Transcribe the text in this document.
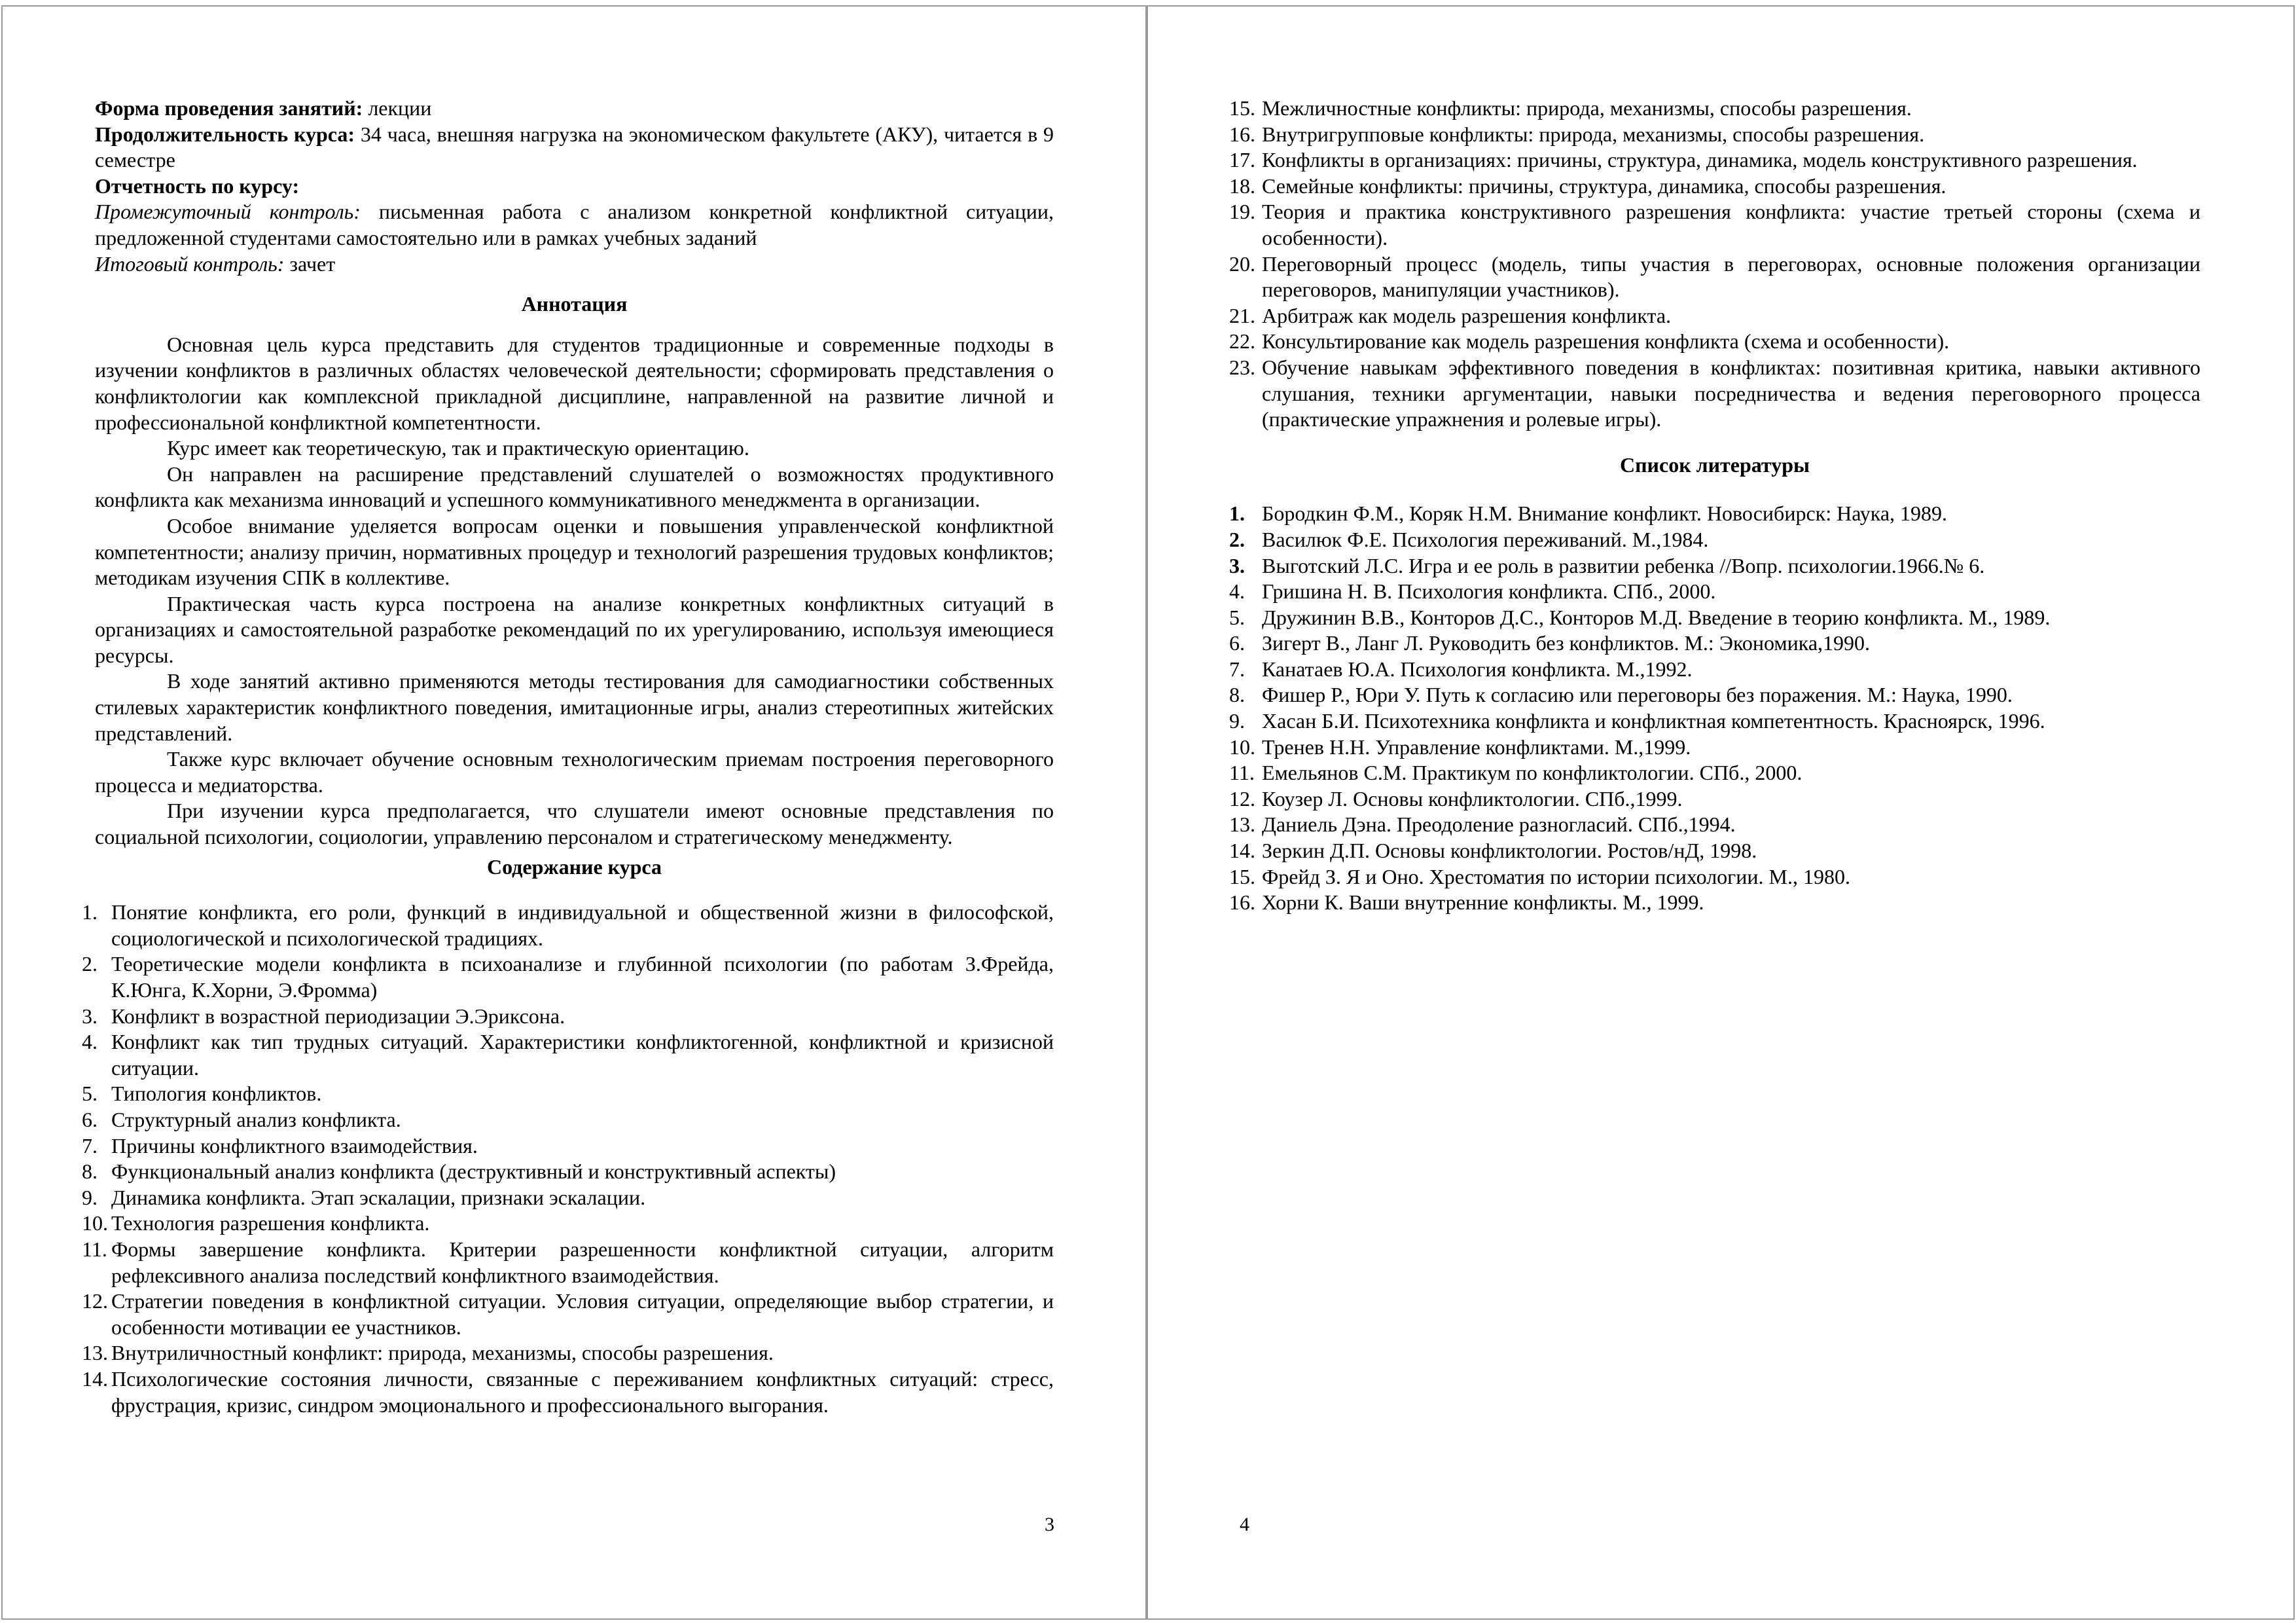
Форма проведения занятий: лекции

Продолжительность курса: 34 часа, внешняя нагрузка на экономическом факультете (АКУ), читается в 9 семестре

Отчетность по курсу:

Промежуточный контроль: письменная работа с анализом конкретной конфликтной ситуации, предложенной студентами самостоятельно или в рамках учебных заданий

Итоговый контроль: зачет

Аннотация

Основная цель курса представить для студентов традиционные и современные подходы в изучении конфликтов в различных областях человеческой деятельности; сформировать представления о конфликтологии как комплексной прикладной дисциплине, направленной на развитие личной и профессиональной конфликтной компетентности.

Курс имеет как теоретическую, так и практическую ориентацию.

Он направлен на расширение представлений слушателей о возможностях продуктивного конфликта как механизма инноваций и успешного коммуникативного менеджмента в организации.

Особое внимание уделяется вопросам оценки и повышения управленческой конфликтной компетентности; анализу причин, нормативных процедур и технологий разрешения трудовых конфликтов; методикам изучения СПК в коллективе.

Практическая часть курса построена на анализе конкретных конфликтных ситуаций в организациях и самостоятельной разработке рекомендаций по их урегулированию, используя имеющиеся ресурсы.

В ходе занятий активно применяются методы тестирования для самодиагностики собственных стилевых характеристик конфликтного поведения, имитационные игры, анализ стереотипных житейских представлений.

Также курс включает обучение основным технологическим приемам построения переговорного процесса и медиаторства.

При изучении курса предполагается, что слушатели имеют основные представления по социальной психологии, социологии, управлению персоналом и стратегическому менеджменту.

Содержание курса
1. Понятие конфликта, его роли, функций в индивидуальной и общественной жизни в философской, социологической и психологической традициях.
2. Теоретические модели конфликта в психоанализе и глубинной психологии (по работам З.Фрейда, К.Юнга, К.Хорни, Э.Фромма)
3. Конфликт в возрастной периодизации Э.Эриксона.
4. Конфликт как тип трудных ситуаций. Характеристики конфликтогенной, конфликтной и кризисной ситуации.
5. Типология конфликтов.
6. Структурный анализ конфликта.
7. Причины конфликтного взаимодействия.
8. Функциональный анализ конфликта (деструктивный и конструктивный аспекты)
9. Динамика конфликта. Этап эскалации, признаки эскалации.
10. Технология разрешения конфликта.
11. Формы завершение конфликта. Критерии разрешенности конфликтной ситуации, алгоритм рефлексивного анализа последствий конфликтного взаимодействия.
12. Стратегии поведения в конфликтной ситуации. Условия ситуации, определяющие выбор стратегии, и особенности мотивации ее участников.
13. Внутриличностный конфликт: природа, механизмы, способы разрешения.
14. Психологические состояния личности, связанные с переживанием конфликтных ситуаций: стресс, фрустрация, кризис, синдром эмоционального и профессионального выгорания.
3
15. Межличностные конфликты: природа, механизмы, способы разрешения.
16. Внутригрупповые конфликты: природа, механизмы, способы разрешения.
17. Конфликты в организациях: причины, структура, динамика, модель конструктивного разрешения.
18. Семейные конфликты: причины, структура, динамика, способы разрешения.
19. Теория и практика конструктивного разрешения конфликта: участие третьей стороны (схема и особенности).
20. Переговорный процесс (модель, типы участия в переговорах, основные положения организации переговоров, манипуляции участников).
21. Арбитраж как модель разрешения конфликта.
22. Консультирование как модель разрешения конфликта (схема и особенности).
23. Обучение навыкам эффективного поведения в конфликтах: позитивная критика, навыки активного слушания, техники аргументации, навыки посредничества и ведения переговорного процесса (практические упражнения и ролевые игры).
Список литературы
1. Бородкин Ф.М., Коряк Н.М. Внимание конфликт. Новосибирск: Наука, 1989.
2. Василюк Ф.Е. Психология переживаний. М.,1984.
3. Выготский Л.С. Игра и ее роль в развитии ребенка //Вопр. психологии.1966.№ 6.
4. Гришина Н. В. Психология конфликта. СПб., 2000.
5. Дружинин В.В., Конторов Д.С., Конторов М.Д. Введение в теорию конфликта. М., 1989.
6. Зигерт В., Ланг Л. Руководить без конфликтов. М.: Экономика,1990.
7. Канатаев Ю.А. Психология конфликта. М.,1992.
8. Фишер Р., Юри У. Путь к согласию или переговоры без поражения. М.: Наука, 1990.
9. Хасан Б.И. Психотехника конфликта и конфликтная компетентность. Красноярск, 1996.
10. Тренев Н.Н. Управление конфликтами. М.,1999.
11. Емельянов С.М. Практикум по конфликтологии. СПб., 2000.
12. Коузер Л. Основы конфликтологии. СПб.,1999.
13. Даниель Дэна. Преодоление разногласий. СПб.,1994.
14. Зеркин Д.П. Основы конфликтологии. Ростов/нД, 1998.
15. Фрейд З. Я и Оно. Хрестоматия по истории психологии. М., 1980.
16. Хорни К. Ваши внутренние конфликты. М., 1999.
4
